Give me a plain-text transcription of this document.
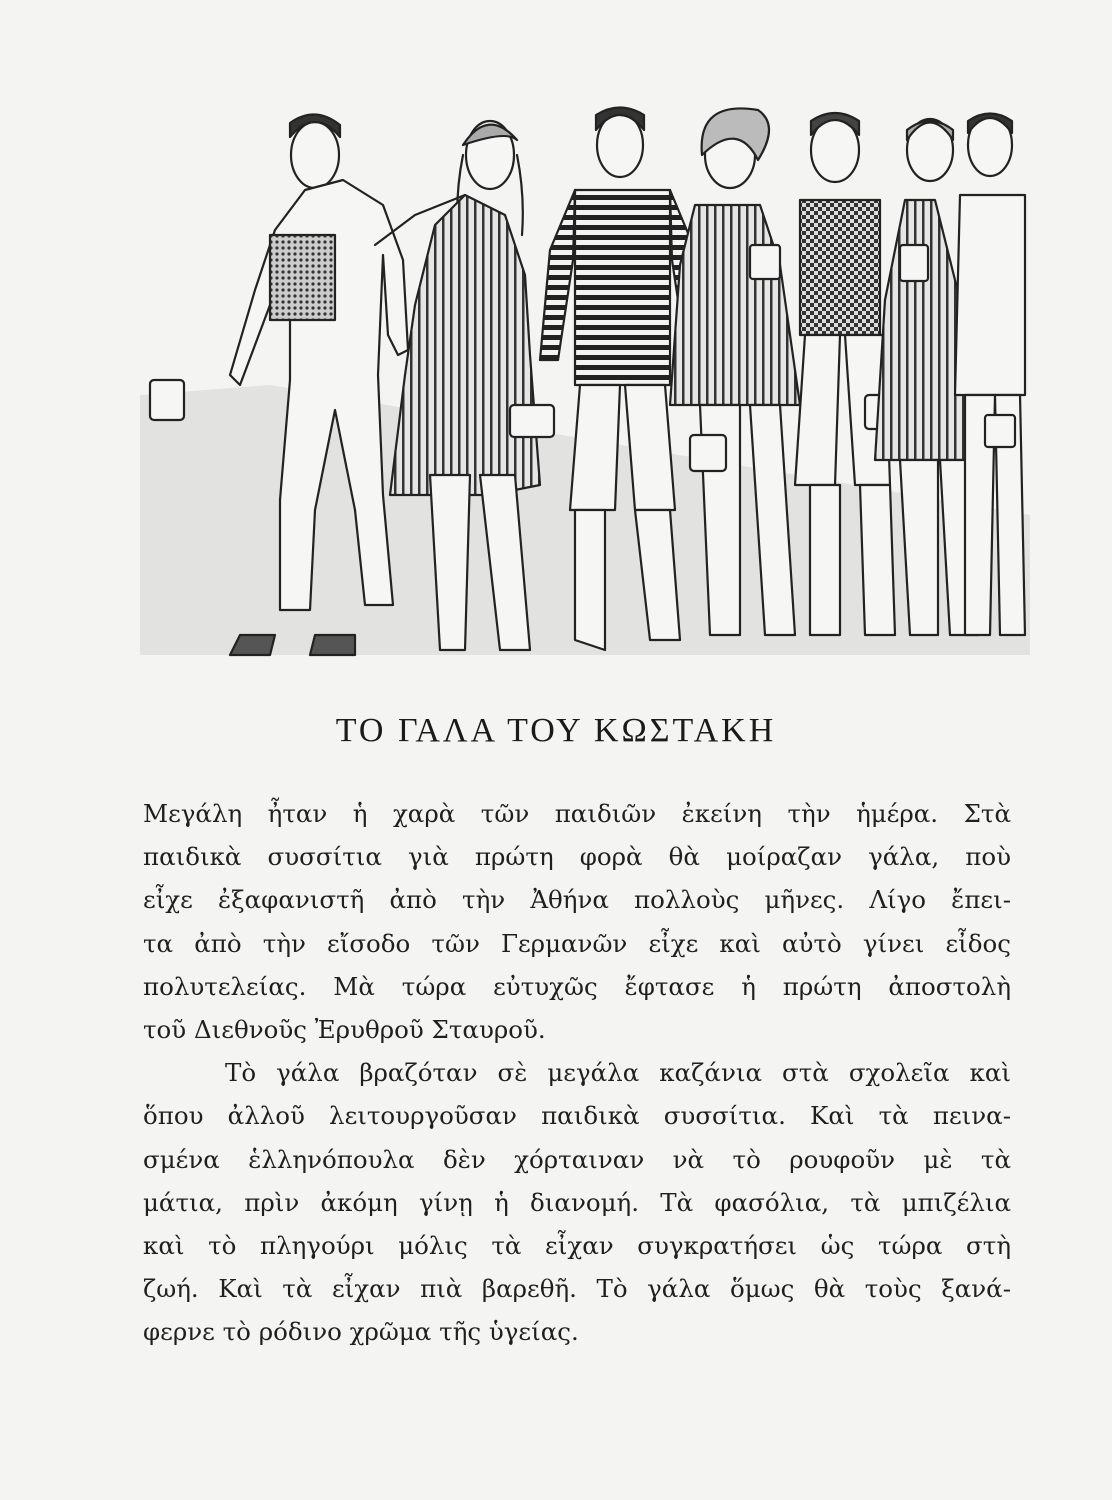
ΤΟ ΓΑΛΑ ΤΟΥ ΚΩΣΤΑΚΗ
Μεγάλη ἦταν ἡ χαρὰ τῶν παιδιῶν ἐκείνη τὴν ἡμέρα. Στὰ
παιδικὰ συσσίτια γιὰ πρώτη φορὰ θὰ μοίραζαν γάλα, ποὺ
εἶχε ἐξαφανιστῆ ἀπὸ τὴν Ἀθήνα πολλοὺς μῆνες. Λίγο ἔπει-
τα ἀπὸ τὴν εἴσοδο τῶν Γερμανῶν εἶχε καὶ αὐτὸ γίνει εἶδος
πολυτελείας. Μὰ τώρα εὐτυχῶς ἔφτασε ἡ πρώτη ἀποστολὴ
τοῦ Διεθνοῦς Ἐρυθροῦ Σταυροῦ.
Τὸ γάλα βραζόταν σὲ μεγάλα καζάνια στὰ σχολεῖα καὶ
ὅπου ἀλλοῦ λειτουργοῦσαν παιδικὰ συσσίτια. Καὶ τὰ πεινα-
σμένα ἑλληνόπουλα δὲν χόρταιναν νὰ τὸ ρουφοῦν μὲ τὰ
μάτια, πρὶν ἀκόμη γίνῃ ἡ διανομή. Τὰ φασόλια, τὰ μπιζέλια
καὶ τὸ πληγούρι μόλις τὰ εἶχαν συγκρατήσει ὡς τώρα στὴ
ζωή. Καὶ τὰ εἶχαν πιὰ βαρεθῆ. Τὸ γάλα ὅμως θὰ τοὺς ξανά-
φερνε τὸ ρόδινο χρῶμα τῆς ὑγείας.
